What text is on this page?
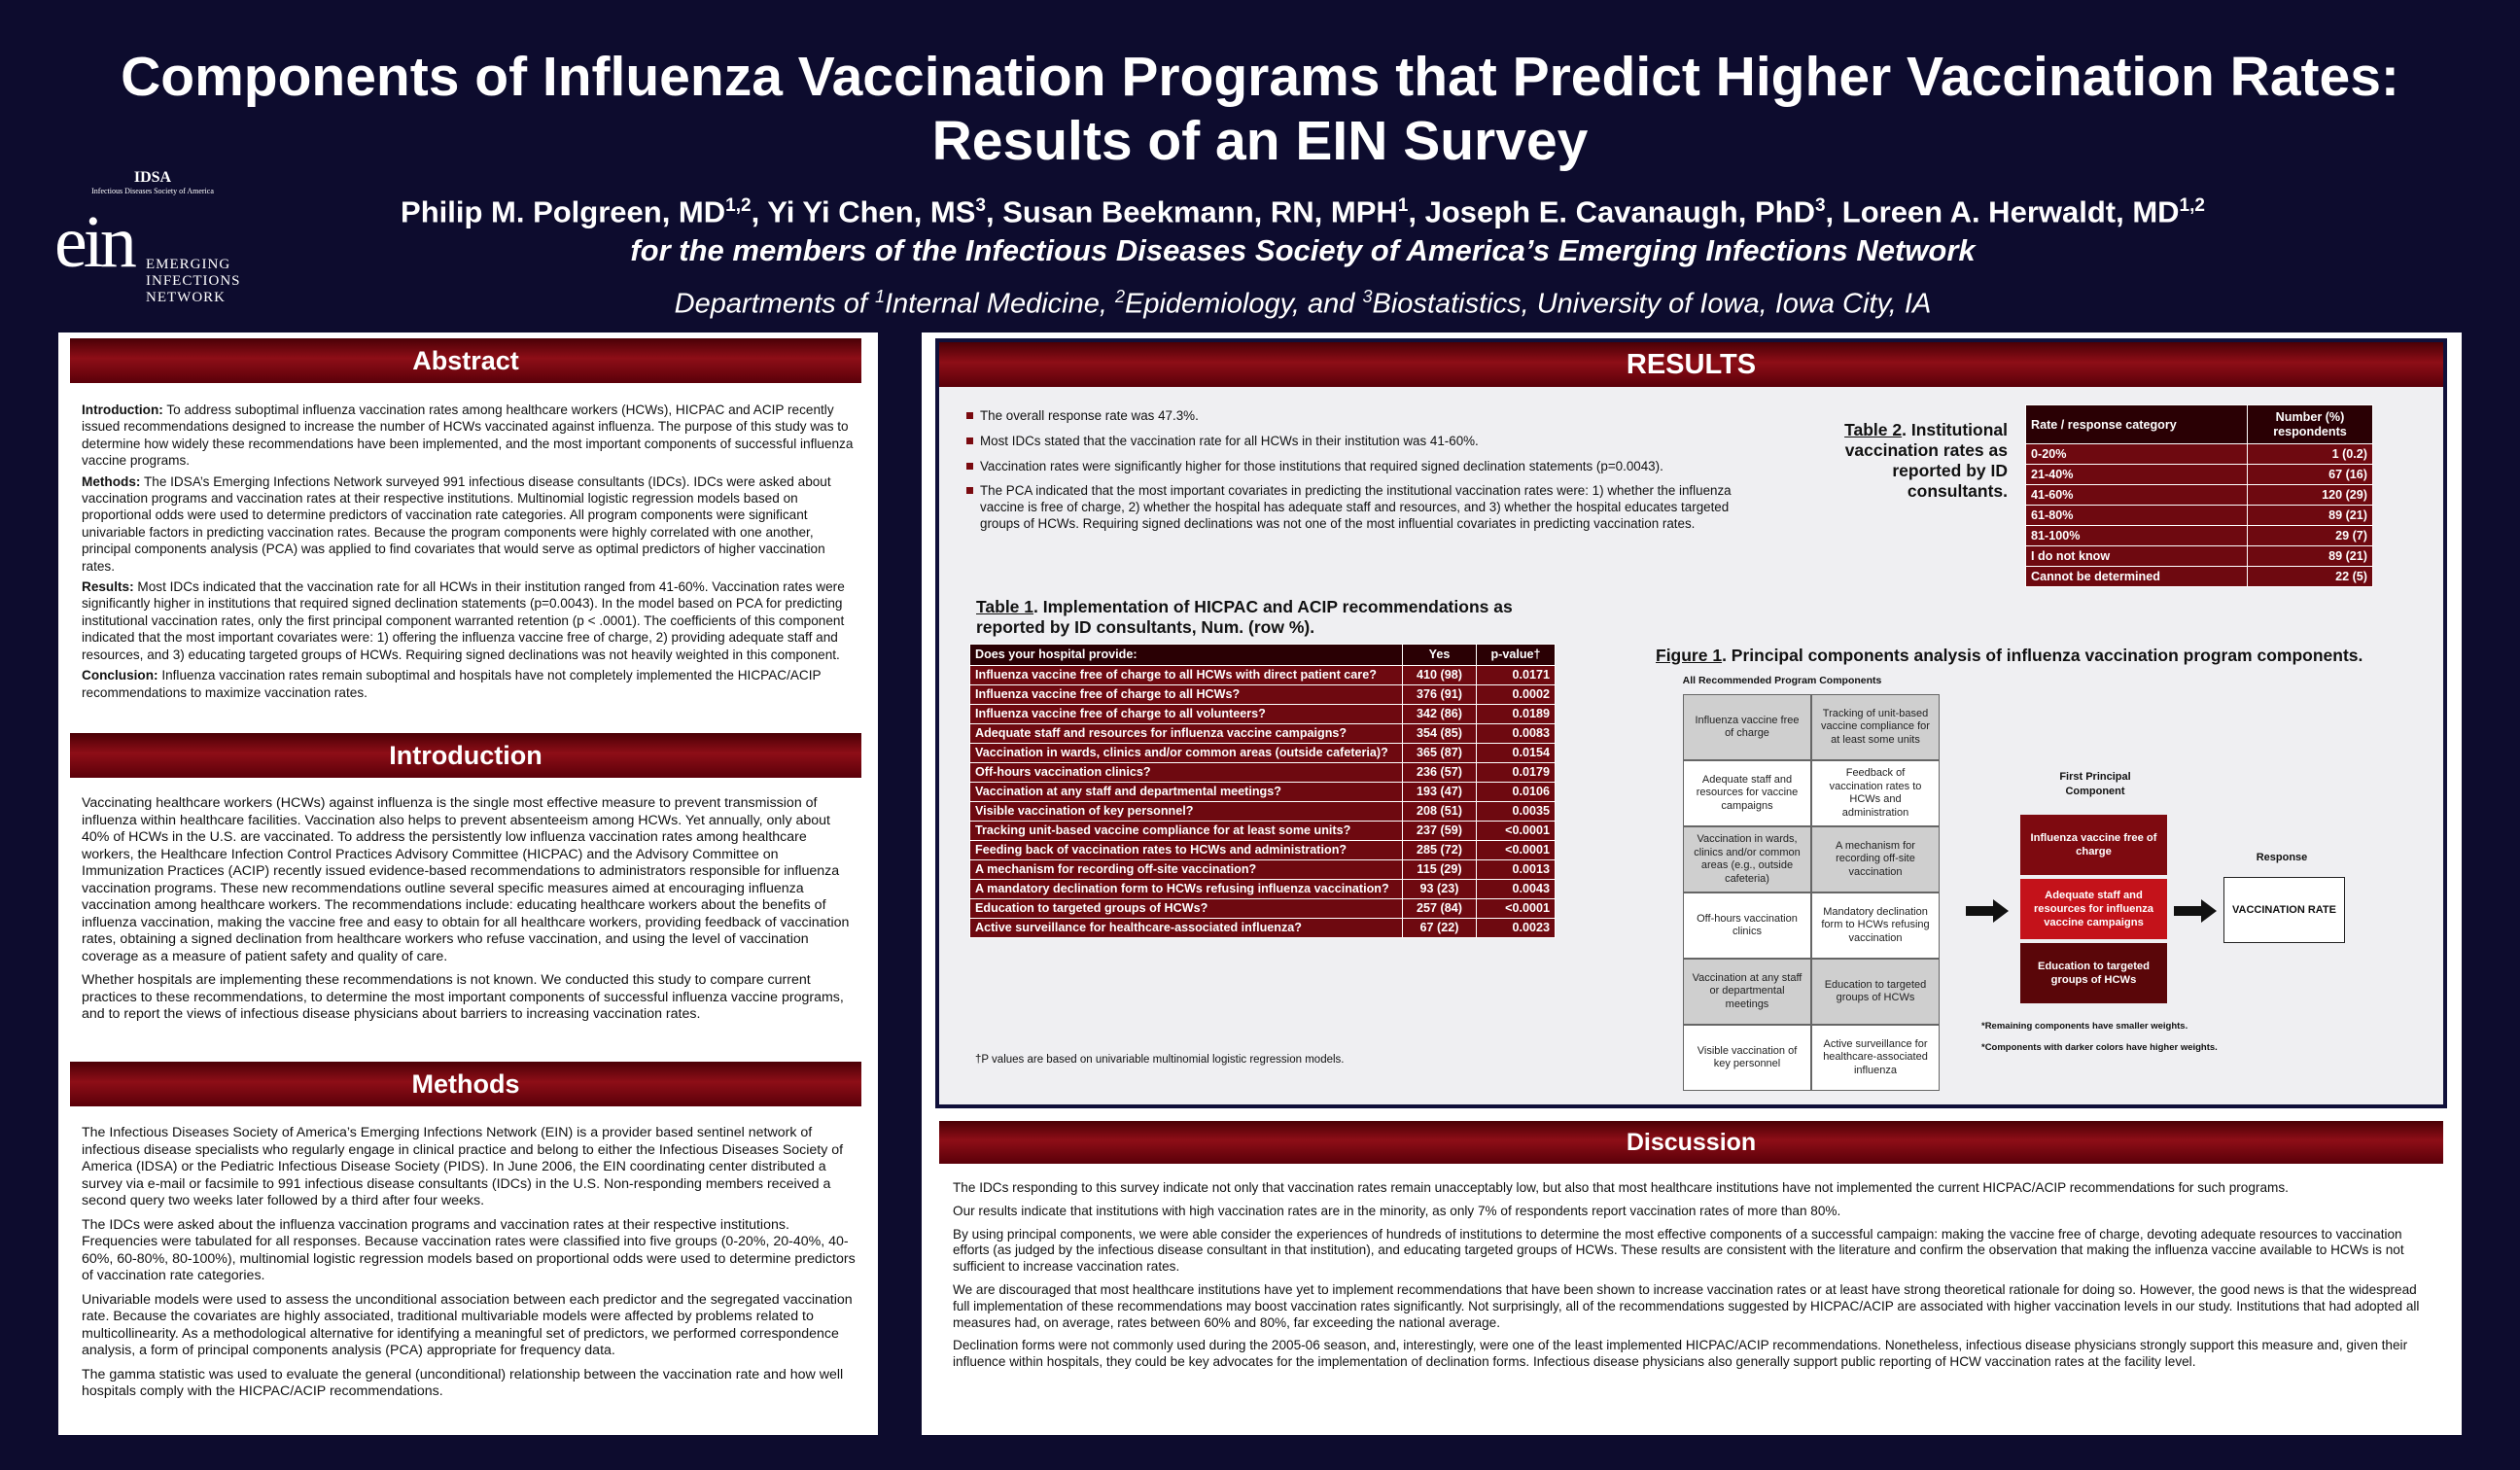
Components of Influenza Vaccination Programs that Predict Higher Vaccination Rates:
Results of an EIN Survey
IDSA
Infectious Diseases Society of America
ein EMERGING
INFECTIONS
NETWORK
Philip M. Polgreen, MD$^{1,2}$, Yi Yi Chen, $MS^3$, Susan Beekmann, RN, MPH$^1$, Joseph E. Cavanaugh, PhD$^3$, Loreen A. Herwaldt, MD$^{1,2}$
for the members of the Infectious Diseases Society of America’s Emerging Infections Network
Departments of $^1$Internal Medicine, $^2$Epidemiology, and $^3$Biostatistics, University of Iowa, Iowa City, IA
Abstract

Introduction: To address suboptimal influenza vaccination rates among healthcare workers (HCWs), HICPAC and ACIP recently issued recommendations designed to increase the number of HCWs vaccinated against influenza. The purpose of this study was to determine how widely these recommendations have been implemented, and the most important components of successful influenza vaccine programs.

Methods: The IDSA’s Emerging Infections Network surveyed 991 infectious disease consultants (IDCs). IDCs were asked about vaccination programs and vaccination rates at their respective institutions. Multinomial logistic regression models based on proportional odds were used to determine predictors of vaccination rate categories. All program components were significant univariable factors in predicting vaccination rates. Because the program components were highly correlated with one another, principal components analysis (PCA) was applied to find covariates that would serve as optimal predictors of higher vaccination rates.

Results: Most IDCs indicated that the vaccination rate for all HCWs in their institution ranged from 41-60%. Vaccination rates were significantly higher in institutions that required signed declination statements (p=0.0043). In the model based on PCA for predicting institutional vaccination rates, only the first principal component warranted retention (p < .0001). The coefficients of this component indicated that the most important covariates were: 1) offering the influenza vaccine free of charge, 2) providing adequate staff and resources, and 3) educating targeted groups of HCWs. Requiring signed declinations was not heavily weighted in this component.

Conclusion: Influenza vaccination rates remain suboptimal and hospitals have not completely implemented the HICPAC/ACIP recommendations to maximize vaccination rates.

Introduction

Vaccinating healthcare workers (HCWs) against influenza is the single most effective measure to prevent transmission of influenza within healthcare facilities. Vaccination also helps to prevent absenteeism among HCWs. Yet annually, only about 40% of HCWs in the U.S. are vaccinated. To address the persistently low influenza vaccination rates among healthcare workers, the Healthcare Infection Control Practices Advisory Committee (HICPAC) and the Advisory Committee on Immunization Practices (ACIP) recently issued evidence-based recommendations to administrators responsible for influenza vaccination programs. These new recommendations outline several specific measures aimed at encouraging influenza vaccination among healthcare workers. The recommendations include: educating healthcare workers about the benefits of influenza vaccination, making the vaccine free and easy to obtain for all healthcare workers, providing feedback of vaccination rates, obtaining a signed declination from healthcare workers who refuse vaccination, and using the level of vaccination coverage as a measure of patient safety and quality of care.

Whether hospitals are implementing these recommendations is not known. We conducted this study to compare current practices to these recommendations, to determine the most important components of successful influenza vaccine programs, and to report the views of infectious disease physicians about barriers to increasing vaccination rates.

Methods

The Infectious Diseases Society of America’s Emerging Infections Network (EIN) is a provider based sentinel network of infectious disease specialists who regularly engage in clinical practice and belong to either the Infectious Diseases Society of America (IDSA) or the Pediatric Infectious Disease Society (PIDS). In June 2006, the EIN coordinating center distributed a survey via e-mail or facsimile to 991 infectious disease consultants (IDCs) in the U.S. Non-responding members received a second query two weeks later followed by a third after four weeks.

The IDCs were asked about the influenza vaccination programs and vaccination rates at their respective institutions. Frequencies were tabulated for all responses. Because vaccination rates were classified into five groups (0-20%, 20-40%, 40-60%, 60-80%, 80-100%), multinomial logistic regression models based on proportional odds were used to determine predictors of vaccination rate categories.

Univariable models were used to assess the unconditional association between each predictor and the segregated vaccination rate. Because the covariates are highly associated, traditional multivariable models were affected by problems related to multicollinearity. As a methodological alternative for identifying a meaningful set of predictors, we performed correspondence analysis, a form of principal components analysis (PCA) appropriate for frequency data.

The gamma statistic was used to evaluate the general (unconditional) relationship between the vaccination rate and how well hospitals comply with the HICPAC/ACIP recommendations.

RESULTS
The overall response rate was 47.3%.
Most IDCs stated that the vaccination rate for all HCWs in their institution was 41-60%.
Vaccination rates were significantly higher for those institutions that required signed declination statements (p=0.0043).
The PCA indicated that the most important covariates in predicting the institutional vaccination rates were: 1) whether the influenza vaccine is free of charge, 2) whether the hospital has adequate staff and resources, and 3) whether the hospital educates targeted groups of HCWs. Requiring signed declinations was not one of the most influential covariates in predicting vaccination rates.
Table 1. Implementation of HICPAC and ACIP recommendations as reported by ID consultants, Num. (row %).
Does your hospital provide:	Yes	p-value†
Influenza vaccine free of charge to all HCWs with direct patient care?	410 (98)	0.0171
Influenza vaccine free of charge to all HCWs?	376 (91)	0.0002
Influenza vaccine free of charge to all volunteers?	342 (86)	0.0189
Adequate staff and resources for influenza vaccine campaigns?	354 (85)	0.0083
Vaccination in wards, clinics and/or common areas (outside cafeteria)?	365 (87)	0.0154
Off-hours vaccination clinics?	236 (57)	0.0179
Vaccination at any staff and departmental meetings?	193 (47)	0.0106
Visible vaccination of key personnel?	208 (51)	0.0035
Tracking unit-based vaccine compliance for at least some units?	237 (59)	<0.0001
Feeding back of vaccination rates to HCWs and administration?	285 (72)	<0.0001
A mechanism for recording off-site vaccination?	115 (29)	0.0013
A mandatory declination form to HCWs refusing influenza vaccination?	93 (23)	0.0043
Education to targeted groups of HCWs?	257 (84)	<0.0001
Active surveillance for healthcare-associated influenza?	67 (22)	0.0023
†P values are based on univariable multinomial logistic regression models.
Table 2. Institutional vaccination rates as reported by ID consultants.
Rate / response category	Number (%) respondents
0-20%	1 (0.2)
21-40%	67 (16)
41-60%	120 (29)
61-80%	89 (21)
81-100%	29 (7)
I do not know	89 (21)
Cannot be determined	22 (5)
Figure 1. Principal components analysis of influenza vaccination program components.
All Recommended Program Components
Influenza vaccine free of charge
Tracking of unit-based vaccine compliance for at least some units
Adequate staff and resources for vaccine campaigns
Feedback of vaccination rates to HCWs and administration
Vaccination in wards, clinics and/or common areas (e.g., outside cafeteria)
A mechanism for recording off-site vaccination
Off-hours vaccination clinics
Mandatory declination form to HCWs refusing vaccination
Vaccination at any staff or departmental meetings
Education to targeted groups of HCWs
Visible vaccination of key personnel
Active surveillance for healthcare-associated influenza
First Principal Component
Influenza vaccine free of charge
Adequate staff and resources for influenza vaccine campaigns
Education to targeted groups of HCWs
Response
VACCINATION RATE
*Remaining components have smaller weights.
*Components with darker colors have higher weights.
Discussion

The IDCs responding to this survey indicate not only that vaccination rates remain unacceptably low, but also that most healthcare institutions have not implemented the current HICPAC/ACIP recommendations for such programs.

Our results indicate that institutions with high vaccination rates are in the minority, as only 7% of respondents report vaccination rates of more than 80%.

By using principal components, we were able consider the experiences of hundreds of institutions to determine the most effective components of a successful campaign: making the vaccine free of charge, devoting adequate resources to vaccination efforts (as judged by the infectious disease consultant in that institution), and educating targeted groups of HCWs. These results are consistent with the literature and confirm the observation that making the influenza vaccine available to HCWs is not sufficient to increase vaccination rates.

We are discouraged that most healthcare institutions have yet to implement recommendations that have been shown to increase vaccination rates or at least have strong theoretical rationale for doing so. However, the good news is that the widespread full implementation of these recommendations may boost vaccination rates significantly. Not surprisingly, all of the recommendations suggested by HICPAC/ACIP are associated with higher vaccination levels in our study. Institutions that had adopted all measures had, on average, rates between 60% and 80%, far exceeding the national average.

Declination forms were not commonly used during the 2005-06 season, and, interestingly, were one of the least implemented HICPAC/ACIP recommendations. Nonetheless, infectious disease physicians strongly support this measure and, given their influence within hospitals, they could be key advocates for the implementation of declination forms. Infectious disease physicians also generally support public reporting of HCW vaccination rates at the facility level.
